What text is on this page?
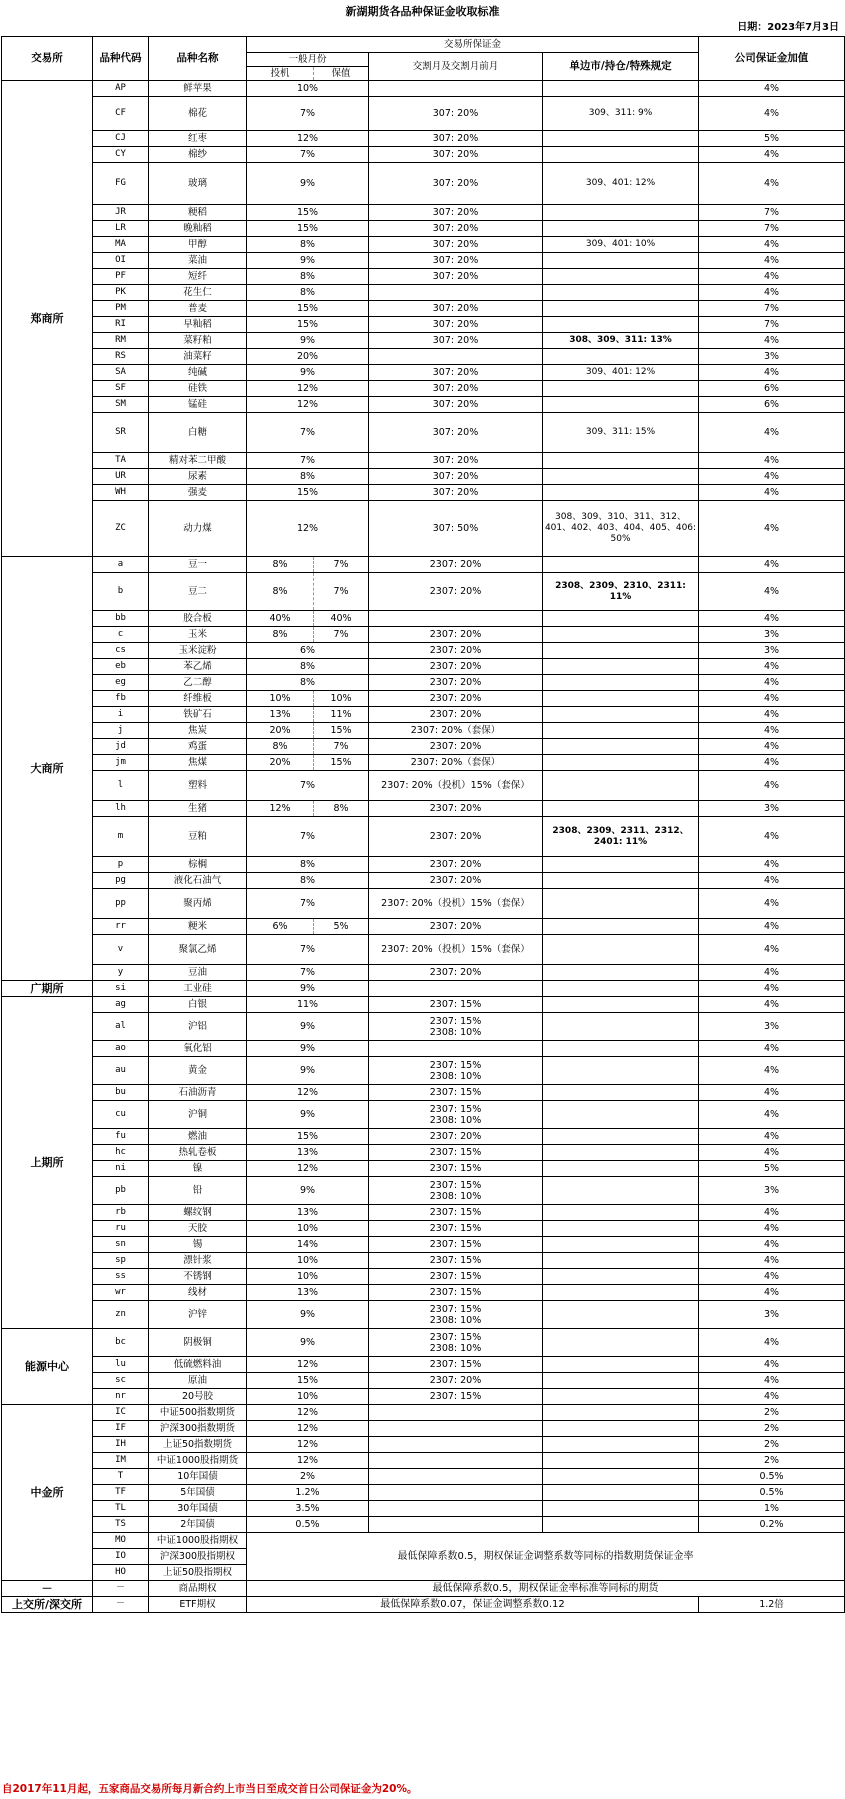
新湖期货各品种保证金收取标准
日期：2023年7月3日
交易所	品种代码	品种名称	交易所保证金				公司保证金加值
			一般月份		交割月及交割月前月	单边市/持仓/特殊规定	
			投机	保值			
郑商所	AP	鲜苹果	10%				4%
	CF	棉花	7%		307: 20%	309、311: 9%	4%
	CJ	红枣	12%		307: 20%		5%
	CY	棉纱	7%		307: 20%		4%
	FG	玻璃	9%		307: 20%	309、401: 12%	4%
	JR	粳稻	15%		307: 20%		7%
	LR	晚籼稻	15%		307: 20%		7%
	MA	甲醇	8%		307: 20%	309、401: 10%	4%
	OI	菜油	9%		307: 20%		4%
	PF	短纤	8%		307: 20%		4%
	PK	花生仁	8%				4%
	PM	普麦	15%		307: 20%		7%
	RI	早籼稻	15%		307: 20%		7%
	RM	菜籽粕	9%		307: 20%	308、309、311: 13%	4%
	RS	油菜籽	20%				3%
	SA	纯碱	9%		307: 20%	309、401: 12%	4%
	SF	硅铁	12%		307: 20%		6%
	SM	锰硅	12%		307: 20%		6%
	SR	白糖	7%		307: 20%	309、311: 15%	4%
	TA	精对苯二甲酸	7%		307: 20%		4%
	UR	尿素	8%		307: 20%		4%
	WH	强麦	15%		307: 20%		4%
	ZC	动力煤	12%		307: 50%	308、309、310、311、312、401、402、403、404、405、406: 50%	4%
大商所	a	豆一	8%	7%	2307: 20%		4%
	b	豆二	8%	7%	2307: 20%	2308、2309、2310、2311: 11%	4%
	bb	胶合板	40%	40%			4%
	c	玉米	8%	7%	2307: 20%		3%
	cs	玉米淀粉	6%		2307: 20%		3%
	eb	苯乙烯	8%		2307: 20%		4%
	eg	乙二醇	8%		2307: 20%		4%
	fb	纤维板	10%	10%	2307: 20%		4%
	i	铁矿石	13%	11%	2307: 20%		4%
	j	焦炭	20%	15%	2307: 20%（套保）		4%
	jd	鸡蛋	8%	7%	2307: 20%		4%
	jm	焦煤	20%	15%	2307: 20%（套保）		4%
	l	塑料	7%		2307: 20%（投机）15%（套保）		4%
	lh	生猪	12%	8%	2307: 20%		3%
	m	豆粕	7%		2307: 20%	2308、2309、2311、2312、2401: 11%	4%
	p	棕榈	8%		2307: 20%		4%
	pg	液化石油气	8%		2307: 20%		4%
	pp	聚丙烯	7%		2307: 20%（投机）15%（套保）		4%
	rr	粳米	6%	5%	2307: 20%		4%
	v	聚氯乙烯	7%		2307: 20%（投机）15%（套保）		4%
	y	豆油	7%		2307: 20%		4%
广期所	si	工业硅	9%				4%
上期所	ag	白银	11%		2307: 15%		4%
	al	沪铝	9%		2307: 15%
2308: 10%		3%
	ao	氧化铝	9%				4%
	au	黄金	9%		2307: 15%
2308: 10%		4%
	bu	石油沥青	12%		2307: 15%		4%
	cu	沪铜	9%		2307: 15%
2308: 10%		4%
	fu	燃油	15%		2307: 20%		4%
	hc	热轧卷板	13%		2307: 15%		4%
	ni	镍	12%		2307: 15%		5%
	pb	铅	9%		2307: 15%
2308: 10%		3%
	rb	螺纹钢	13%		2307: 15%		4%
	ru	天胶	10%		2307: 15%		4%
	sn	锡	14%		2307: 15%		4%
	sp	漂针浆	10%		2307: 15%		4%
	ss	不锈钢	10%		2307: 15%		4%
	wr	线材	13%		2307: 15%		4%
	zn	沪锌	9%		2307: 15%
2308: 10%		3%
能源中心	bc	阴极铜	9%		2307: 15%
2308: 10%		4%
	lu	低硫燃料油	12%		2307: 15%		4%
	sc	原油	15%		2307: 20%		4%
	nr	20号胶	10%		2307: 15%		4%
中金所	IC	中证500指数期货	12%				2%
	IF	沪深300指数期货	12%				2%
	IH	上证50指数期货	12%				2%
	IM	中证1000股指期货	12%				2%
	T	10年国债	2%				0.5%
	TF	5年国债	1.2%				0.5%
	TL	30年国债	3.5%				1%
	TS	2年国债	0.5%				0.2%
	MO	中证1000股指期权	最低保障系数0.5，期权保证金调整系数等同标的指数期货保证金率				
	IO	沪深300股指期权					
	HO	上证50股指期权					
－	－	商品期权	最低保障系数0.5，期权保证金率标准等同标的期货				
上交所/深交所	－	ETF期权	最低保障系数0.07，保证金调整系数0.12				1.2倍
自2017年11月起，五家商品交易所每月新合约上市当日至成交首日公司保证金为20%。
